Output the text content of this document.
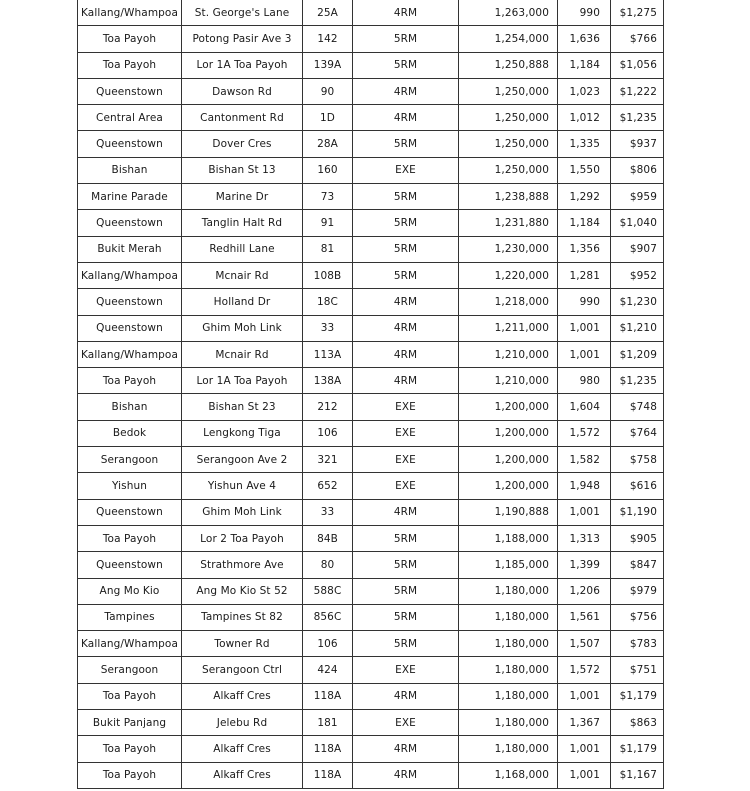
Kallang/Whampoa	St. George's Lane	25A	4RM	1,263,000	990	$1,275
Toa Payoh	Potong Pasir Ave 3	142	5RM	1,254,000	1,636	$766
Toa Payoh	Lor 1A Toa Payoh	139A	5RM	1,250,888	1,184	$1,056
Queenstown	Dawson Rd	90	4RM	1,250,000	1,023	$1,222
Central Area	Cantonment Rd	1D	4RM	1,250,000	1,012	$1,235
Queenstown	Dover Cres	28A	5RM	1,250,000	1,335	$937
Bishan	Bishan St 13	160	EXE	1,250,000	1,550	$806
Marine Parade	Marine Dr	73	5RM	1,238,888	1,292	$959
Queenstown	Tanglin Halt Rd	91	5RM	1,231,880	1,184	$1,040
Bukit Merah	Redhill Lane	81	5RM	1,230,000	1,356	$907
Kallang/Whampoa	Mcnair Rd	108B	5RM	1,220,000	1,281	$952
Queenstown	Holland Dr	18C	4RM	1,218,000	990	$1,230
Queenstown	Ghim Moh Link	33	4RM	1,211,000	1,001	$1,210
Kallang/Whampoa	Mcnair Rd	113A	4RM	1,210,000	1,001	$1,209
Toa Payoh	Lor 1A Toa Payoh	138A	4RM	1,210,000	980	$1,235
Bishan	Bishan St 23	212	EXE	1,200,000	1,604	$748
Bedok	Lengkong Tiga	106	EXE	1,200,000	1,572	$764
Serangoon	Serangoon Ave 2	321	EXE	1,200,000	1,582	$758
Yishun	Yishun Ave 4	652	EXE	1,200,000	1,948	$616
Queenstown	Ghim Moh Link	33	4RM	1,190,888	1,001	$1,190
Toa Payoh	Lor 2 Toa Payoh	84B	5RM	1,188,000	1,313	$905
Queenstown	Strathmore Ave	80	5RM	1,185,000	1,399	$847
Ang Mo Kio	Ang Mo Kio St 52	588C	5RM	1,180,000	1,206	$979
Tampines	Tampines St 82	856C	5RM	1,180,000	1,561	$756
Kallang/Whampoa	Towner Rd	106	5RM	1,180,000	1,507	$783
Serangoon	Serangoon Ctrl	424	EXE	1,180,000	1,572	$751
Toa Payoh	Alkaff Cres	118A	4RM	1,180,000	1,001	$1,179
Bukit Panjang	Jelebu Rd	181	EXE	1,180,000	1,367	$863
Toa Payoh	Alkaff Cres	118A	4RM	1,180,000	1,001	$1,179
Toa Payoh	Alkaff Cres	118A	4RM	1,168,000	1,001	$1,167
